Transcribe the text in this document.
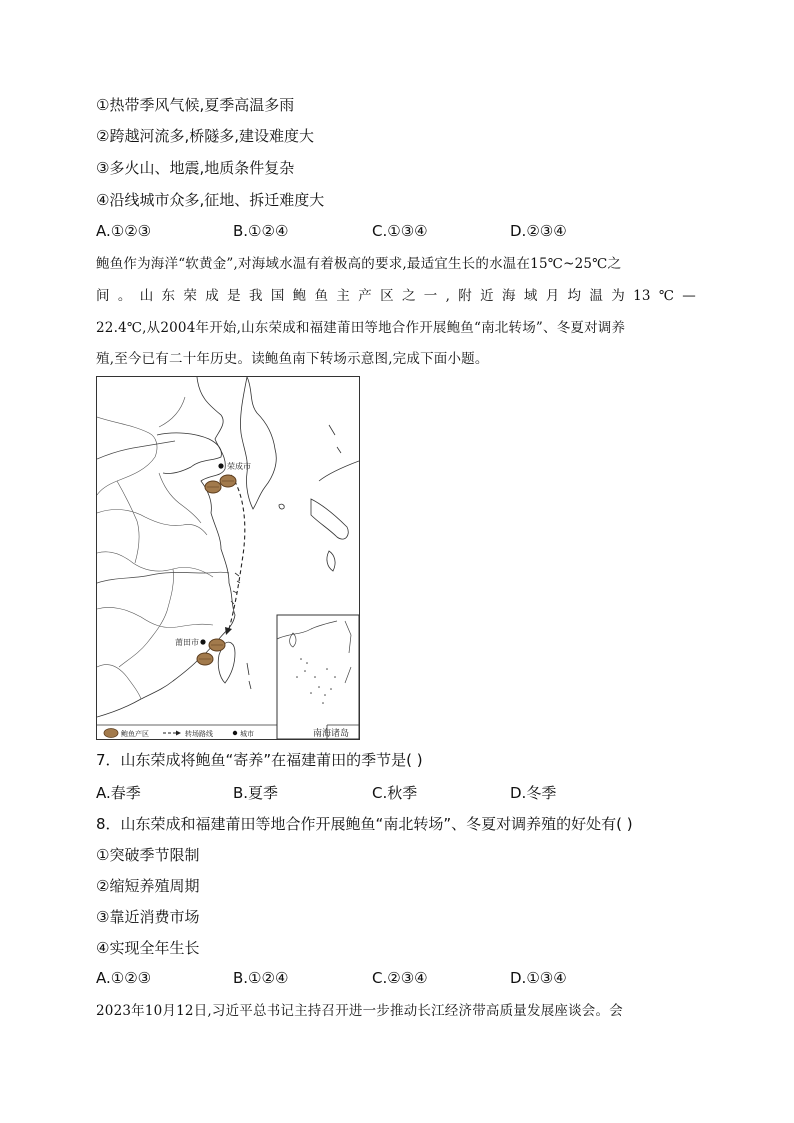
①热带季风气候,夏季高温多雨
②跨越河流多,桥隧多,建设难度大
③多火山、地震,地质条件复杂
④沿线城市众多,征地、拆迁难度大
A.①②③	B.①②④	C.①③④	D.②③④
鲍鱼作为海洋“软黄金”,对海域水温有着极高的要求,最适宜生长的水温在15℃~25℃之
间。山东荣成是我国鲍鱼主产区之一,附近海域月均温为13℃—
22.4℃,从2004年开始,山东荣成和福建莆田等地合作开展鲍鱼“南北转场”、冬夏对调养
殖,至今已有二十年历史。读鲍鱼南下转场示意图,完成下面小题。
荣成市
莆田市
南海诸岛
鲍鱼产区	转场路线	城市
7．山东荣成将鲍鱼“寄养”在福建莆田的季节是( )
A.春季	B.夏季	C.秋季	D.冬季
8．山东荣成和福建莆田等地合作开展鲍鱼“南北转场”、冬夏对调养殖的好处有( )
①突破季节限制
②缩短养殖周期
③靠近消费市场
④实现全年生长
A.①②③	B.①②④	C.②③④	D.①③④
2023年10月12日,习近平总书记主持召开进一步推动长江经济带高质量发展座谈会。会
